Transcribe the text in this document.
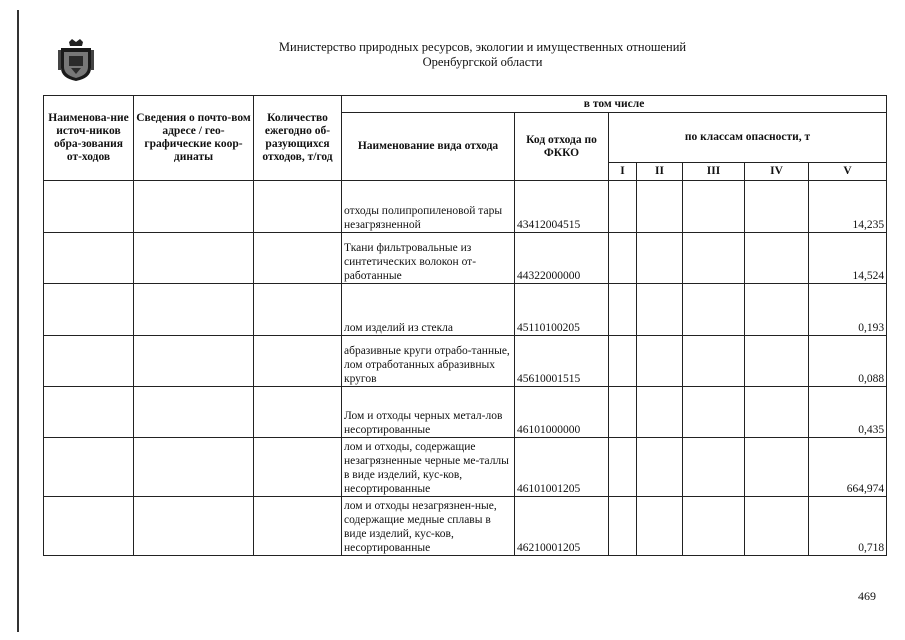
Министерство природных ресурсов, экологии и имущественных отношений
Оренбургской области
Наименова-ние источ-ников обра-зования от-ходов	Сведения о почто-вом адресе / гео-графические коор-динаты	Количество ежегодно об-разующихся отходов, т/год	в том числе						
			Наименование вида отхода	Код отхода по ФККО	по классам опасности, т				
					I	II	III	IV	V
			отходы полипропиленовой тары незагрязненной	43412004515					14,235
			Ткани фильтровальные из синтетических волокон от-работанные	44322000000					14,524
			лом изделий из стекла	45110100205					0,193
			абразивные круги отрабо-танные, лом отработанных абразивных кругов	45610001515					0,088
			Лом и отходы черных метал-лов несортированные	46101000000					0,435
			лом и отходы, содержащие незагрязненные черные ме-таллы в виде изделий, кус-ков, несортированные	46101001205					664,974
			лом и отходы незагрязнен-ные, содержащие медные сплавы в виде изделий, кус-ков, несортированные	46210001205					0,718
469
